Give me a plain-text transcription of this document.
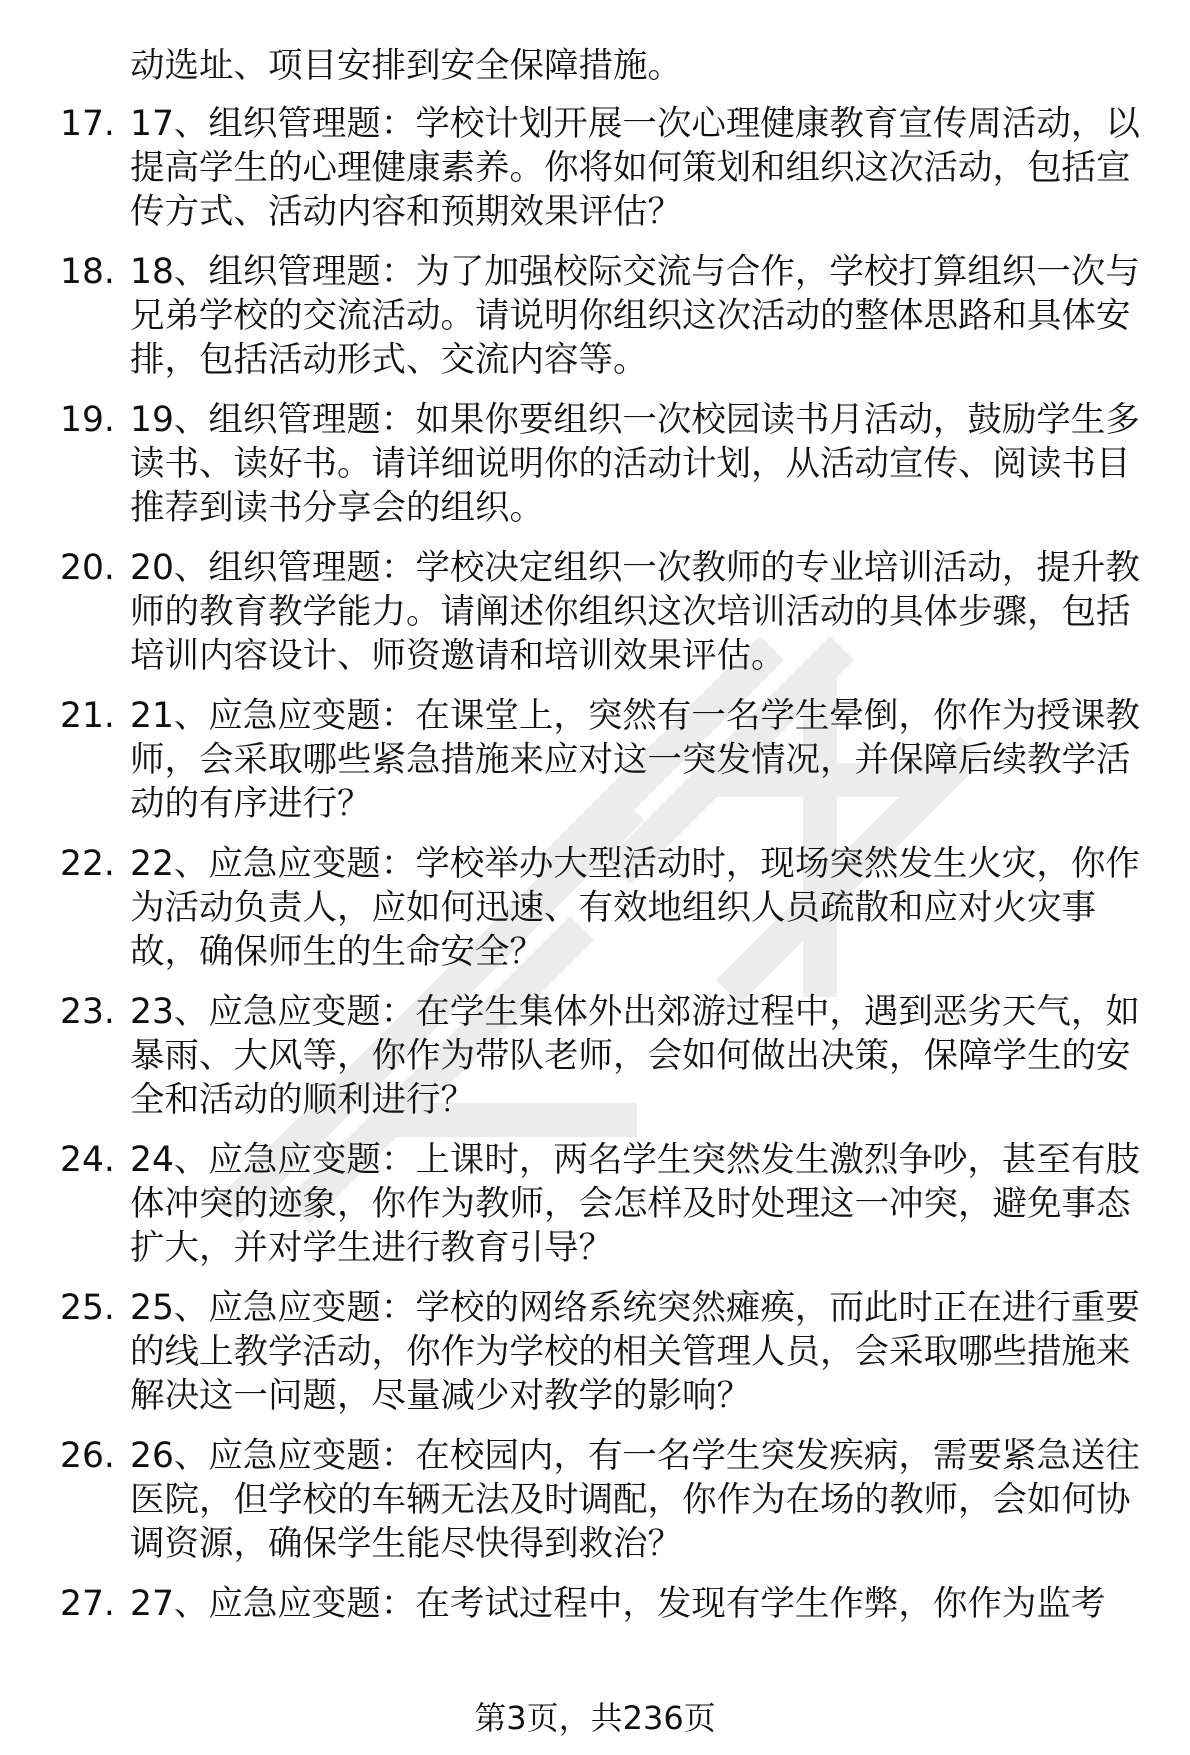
动选址、项目安排到安全保障措施。
17. 17、组织管理题：学校计划开展一次心理健康教育宣传周活动，以提高学生的心理健康素养。你将如何策划和组织这次活动，包括宣传方式、活动内容和预期效果评估？
18. 18、组织管理题：为了加强校际交流与合作，学校打算组织一次与兄弟学校的交流活动。请说明你组织这次活动的整体思路和具体安排，包括活动形式、交流内容等。
19. 19、组织管理题：如果你要组织一次校园读书月活动，鼓励学生多读书、读好书。请详细说明你的活动计划，从活动宣传、阅读书目推荐到读书分享会的组织。
20. 20、组织管理题：学校决定组织一次教师的专业培训活动，提升教师的教育教学能力。请阐述你组织这次培训活动的具体步骤，包括培训内容设计、师资邀请和培训效果评估。
21. 21、应急应变题：在课堂上，突然有一名学生晕倒，你作为授课教师，会采取哪些紧急措施来应对这一突发情况，并保障后续教学活动的有序进行？
22. 22、应急应变题：学校举办大型活动时，现场突然发生火灾，你作为活动负责人，应如何迅速、有效地组织人员疏散和应对火灾事故，确保师生的生命安全？
23. 23、应急应变题：在学生集体外出郊游过程中，遇到恶劣天气，如暴雨、大风等，你作为带队老师，会如何做出决策，保障学生的安全和活动的顺利进行？
24. 24、应急应变题：上课时，两名学生突然发生激烈争吵，甚至有肢体冲突的迹象，你作为教师，会怎样及时处理这一冲突，避免事态扩大，并对学生进行教育引导？
25. 25、应急应变题：学校的网络系统突然瘫痪，而此时正在进行重要的线上教学活动，你作为学校的相关管理人员，会采取哪些措施来解决这一问题，尽量减少对教学的影响？
26. 26、应急应变题：在校园内，有一名学生突发疾病，需要紧急送往医院，但学校的车辆无法及时调配，你作为在场的教师，会如何协调资源，确保学生能尽快得到救治？
27. 27、应急应变题：在考试过程中，发现有学生作弊，你作为监考
第3页，共236页
